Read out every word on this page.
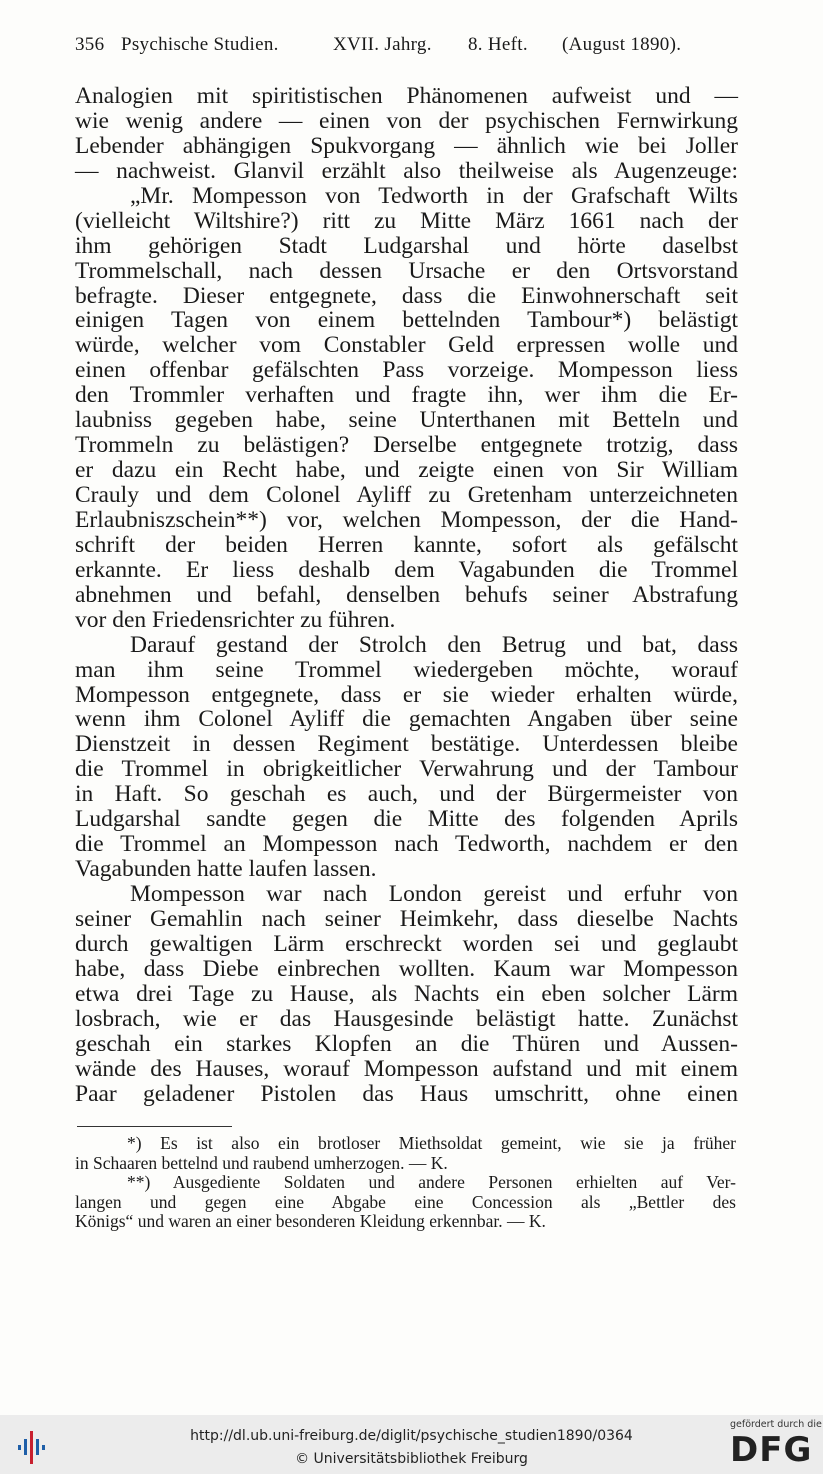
356 Psychische Studien.	XVII. Jahrg. 8. Heft. (August 1890).
Analogien mit spiritistischen Phänomenen aufweist und —
wie wenig andere — einen von der psychischen Fernwirkung
Lebender abhängigen Spukvorgang — ähnlich wie bei Joller
— nachweist. Glanvil erzählt also theilweise als Augenzeuge:
„Mr. Mompesson von Tedworth in der Grafschaft Wilts
(vielleicht Wiltshire?) ritt zu Mitte März 1661 nach der
ihm gehörigen Stadt Ludgarshal und hörte daselbst
Trommelschall, nach dessen Ursache er den Ortsvorstand
befragte. Dieser entgegnete, dass die Einwohnerschaft seit
einigen Tagen von einem bettelnden Tambour*) belästigt
würde, welcher vom Constabler Geld erpressen wolle und
einen offenbar gefälschten Pass vorzeige. Mompesson liess
den Trommler verhaften und fragte ihn, wer ihm die Er-
laubniss gegeben habe, seine Unterthanen mit Betteln und
Trommeln zu belästigen? Derselbe entgegnete trotzig, dass
er dazu ein Recht habe, und zeigte einen von Sir William
Crauly und dem Colonel Ayliff zu Gretenham unterzeichneten
Erlaubniszschein**) vor, welchen Mompesson, der die Hand-
schrift der beiden Herren kannte, sofort als gefälscht
erkannte. Er liess deshalb dem Vagabunden die Trommel
abnehmen und befahl, denselben behufs seiner Abstrafung
vor den Friedensrichter zu führen.
Darauf gestand der Strolch den Betrug und bat, dass
man ihm seine Trommel wiedergeben möchte, worauf
Mompesson entgegnete, dass er sie wieder erhalten würde,
wenn ihm Colonel Ayliff die gemachten Angaben über seine
Dienstzeit in dessen Regiment bestätige. Unterdessen bleibe
die Trommel in obrigkeitlicher Verwahrung und der Tambour
in Haft. So geschah es auch, und der Bürgermeister von
Ludgarshal sandte gegen die Mitte des folgenden Aprils
die Trommel an Mompesson nach Tedworth, nachdem er den
Vagabunden hatte laufen lassen.
Mompesson war nach London gereist und erfuhr von
seiner Gemahlin nach seiner Heimkehr, dass dieselbe Nachts
durch gewaltigen Lärm erschreckt worden sei und geglaubt
habe, dass Diebe einbrechen wollten. Kaum war Mompesson
etwa drei Tage zu Hause, als Nachts ein eben solcher Lärm
losbrach, wie er das Hausgesinde belästigt hatte. Zunächst
geschah ein starkes Klopfen an die Thüren und Aussen-
wände des Hauses, worauf Mompesson aufstand und mit einem
Paar geladener Pistolen das Haus umschritt, ohne einen
*) Es ist also ein brotloser Miethsoldat gemeint, wie sie ja früher
in Schaaren bettelnd und raubend umherzogen. — K.
**) Ausgediente Soldaten und andere Personen erhielten auf Ver-
langen und gegen eine Abgabe eine Concession als „Bettler des
Königs“ und waren an einer besonderen Kleidung erkennbar. — K.
http://dl.ub.uni-freiburg.de/diglit/psychische_studien1890/0364
© Universitätsbibliothek Freiburg
gefördert durch die
DFG
